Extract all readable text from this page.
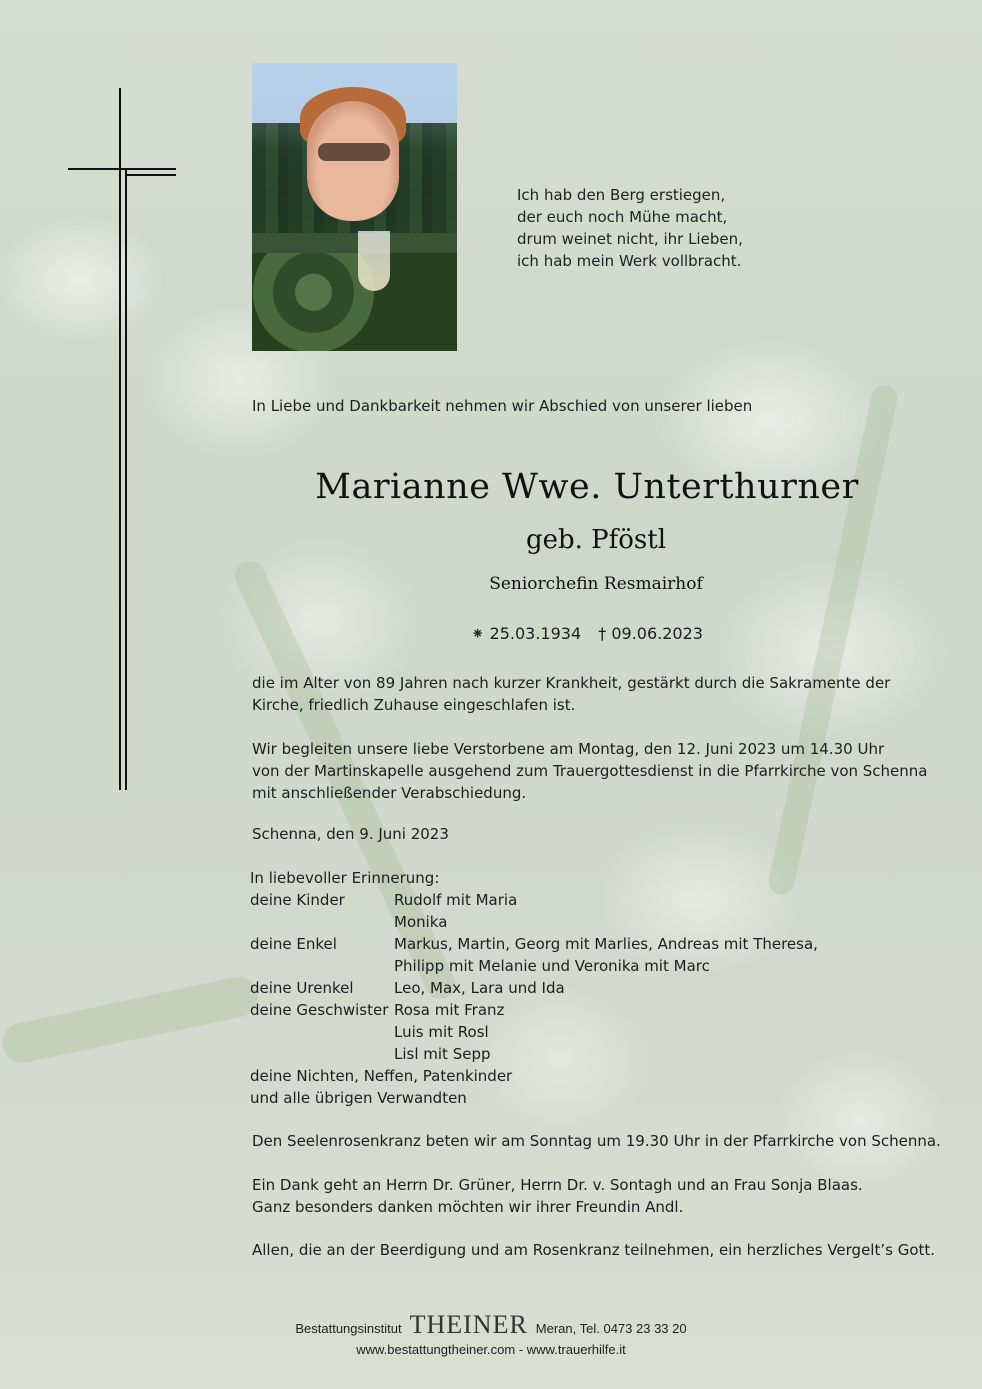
Ich hab den Berg erstiegen,
der euch noch Mühe macht,
drum weinet nicht, ihr Lieben,
ich hab mein Werk vollbracht.
In Liebe und Dankbarkeit nehmen wir Abschied von unserer lieben
Marianne Wwe. Unterthurner
geb. Pföstl
Seniorchefin Resmairhof
⁕ 25.03.1934 † 09.06.2023
die im Alter von 89 Jahren nach kurzer Krankheit, gestärkt durch die Sakramente der
Kirche, friedlich Zuhause eingeschlafen ist.
Wir begleiten unsere liebe Verstorbene am Montag, den 12. Juni 2023 um 14.30 Uhr
von der Martinskapelle ausgehend zum Trauergottesdienst in die Pfarrkirche von Schenna
mit anschließender Verabschiedung.
Schenna, den 9. Juni 2023
In liebevoller Erinnerung:
deine Kinder	Rudolf mit Maria
Monika
deine Enkel	Markus, Martin, Georg mit Marlies, Andreas mit Theresa,
Philipp mit Melanie und Veronika mit Marc
deine Urenkel	Leo, Max, Lara und Ida
deine Geschwister Rosa mit Franz
Luis mit Rosl
Lisl mit Sepp
deine Nichten, Neffen, Patenkinder
und alle übrigen Verwandten
Den Seelenrosenkranz beten wir am Sonntag um 19.30 Uhr in der Pfarrkirche von Schenna.
Ein Dank geht an Herrn Dr. Grüner, Herrn Dr. v. Sontagh und an Frau Sonja Blaas.
Ganz besonders danken möchten wir ihrer Freundin Andl.
Allen, die an der Beerdigung und am Rosenkranz teilnehmen, ein herzliches Vergelt’s Gott.
Bestattungsinstitut THEINER Meran, Tel. 0473 23 33 20
www.bestattungtheiner.com - www.trauerhilfe.it
